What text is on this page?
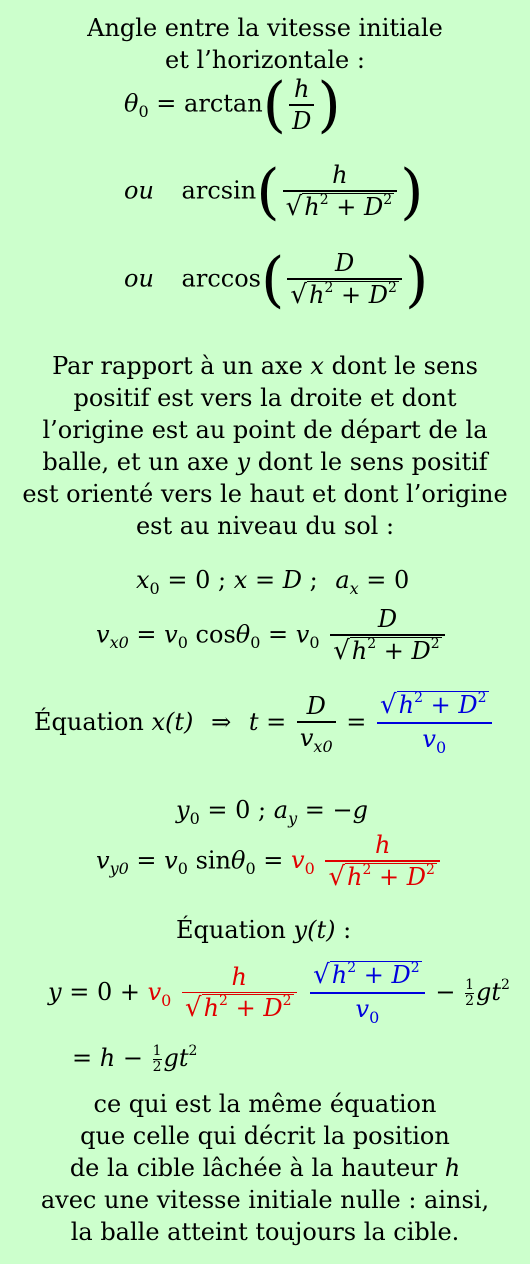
Angle entre la vitesse initiale
et l’horizontale :
$\theta_0 = \arctan( \frac{h}{D}$ )
ou $\arcsin( \frac{h}{√ h^2 + D^2}$ )
ou $\arccos( \frac{D}{√ h^2 + D^2}$ )
Par rapport à un axe x dont le sens
positif est vers la droite et dont
l’origine est au point de départ de la
balle, et un axe y dont le sens positif
est orienté vers le haut et dont l’origine
est au niveau du sol :
$x_0 = 0$ ; x = D ; $a_x = 0$
$v_{x0} = v_0$ $\cos\theta_0 = v_0 \frac{D}{√ h^2 + D^2}$
Équation x(t) ⇒ $t = \frac{D}{v_{x0}} = \frac{√ h^2 + D^2}{v_0}$
$y_0 = 0$ ; $a_y = -g$
$v_{y0} = v_0$ $\sin\theta_0 = v_0 \frac{h}{√ h^2 + D^2}$
Équation y(t) :
$y = 0 + v_0 \frac{h}{√ h^2 + D^2}$
$\frac{√ h^2 + D^2}{v_0} - \frac{1}{2} gt^2$
= $h - \frac{1}{2} gt^2$
ce qui est la même équation
que celle qui décrit la position
de la cible lâchée à la hauteur h
avec une vitesse initiale nulle : ainsi,
la balle atteint toujours la cible.
